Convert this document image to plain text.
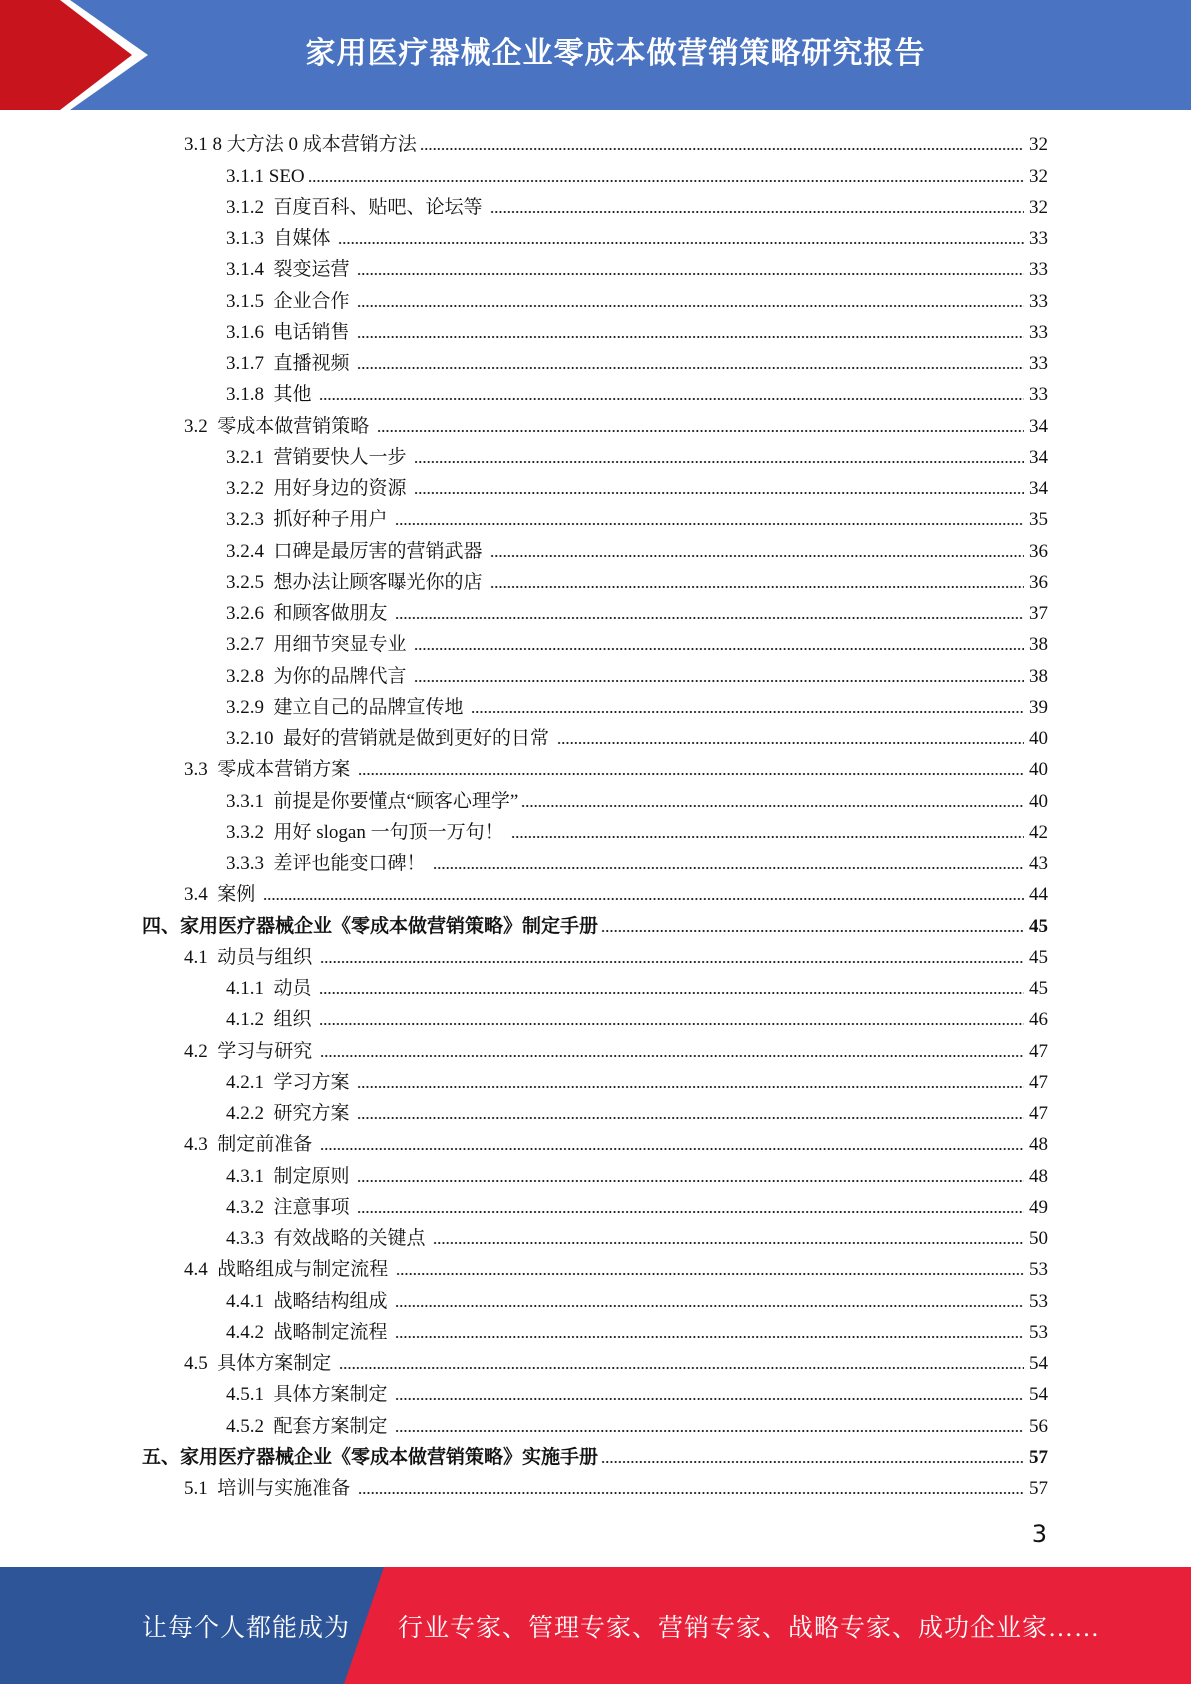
家用医疗器械企业零成本做营销策略研究报告
3.1 8 大方法 0 成本营销方法	32
3.1.1 SEO	32
3.1.2  百度百科、贴吧、论坛等	32
3.1.3  自媒体	33
3.1.4  裂变运营	33
3.1.5  企业合作	33
3.1.6  电话销售	33
3.1.7  直播视频	33
3.1.8  其他	33
3.2  零成本做营销策略	34
3.2.1  营销要快人一步	34
3.2.2  用好身边的资源	34
3.2.3  抓好种子用户	35
3.2.4  口碑是最厉害的营销武器	36
3.2.5  想办法让顾客曝光你的店	36
3.2.6  和顾客做朋友	37
3.2.7  用细节突显专业	38
3.2.8  为你的品牌代言	38
3.2.9  建立自己的品牌宣传地	39
3.2.10  最好的营销就是做到更好的日常	40
3.3  零成本营销方案	40
3.3.1  前提是你要懂点“顾客心理学”	40
3.3.2  用好 slogan 一句顶一万句！	42
3.3.3  差评也能变口碑！	43
3.4  案例	44
四、家用医疗器械企业《零成本做营销策略》制定手册	45
4.1  动员与组织	45
4.1.1  动员	45
4.1.2  组织	46
4.2  学习与研究	47
4.2.1  学习方案	47
4.2.2  研究方案	47
4.3  制定前准备	48
4.3.1  制定原则	48
4.3.2  注意事项	49
4.3.3  有效战略的关键点	50
4.4  战略组成与制定流程	53
4.4.1  战略结构组成	53
4.4.2  战略制定流程	53
4.5  具体方案制定	54
4.5.1  具体方案制定	54
4.5.2  配套方案制定	56
五、家用医疗器械企业《零成本做营销策略》实施手册	57
5.1  培训与实施准备	57
3
让每个人都能成为 行业专家、管理专家、营销专家、战略专家、成功企业家……
